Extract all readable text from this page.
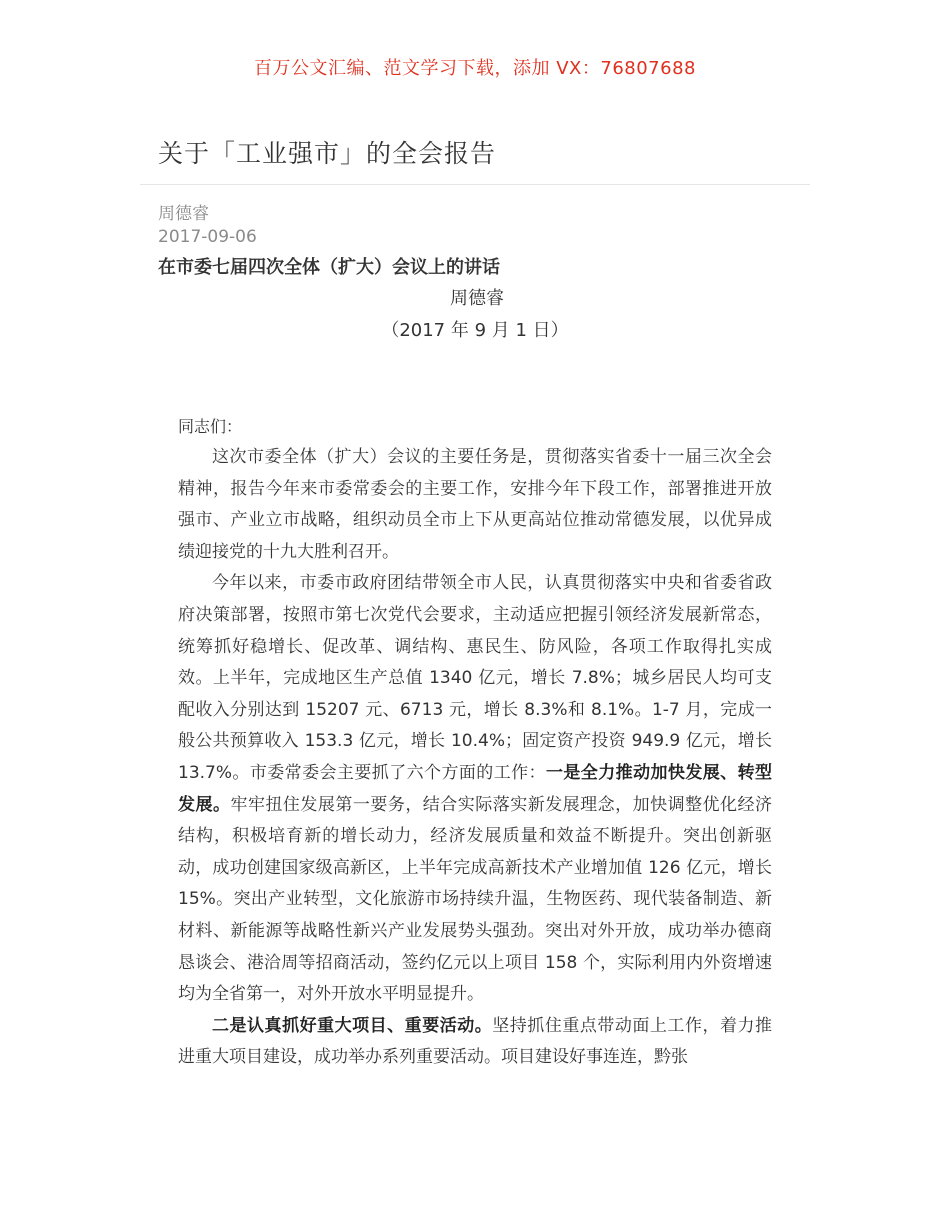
百万公文汇编、范文学习下载，添加 VX：76807688
关于「工业强市」的全会报告
周德睿
2017-09-06
在市委七届四次全体（扩大）会议上的讲话
周德睿
（2017 年 9 月 1 日）
同志们：

这次市委全体（扩大）会议的主要任务是，贯彻落实省委十一届三次全会精神，报告今年来市委常委会的主要工作，安排今年下段工作，部署推进开放强市、产业立市战略，组织动员全市上下从更高站位推动常德发展，以优异成绩迎接党的十九大胜利召开。

今年以来，市委市政府团结带领全市人民，认真贯彻落实中央和省委省政府决策部署，按照市第七次党代会要求，主动适应把握引领经济发展新常态，统筹抓好稳增长、促改革、调结构、惠民生、防风险，各项工作取得扎实成效。上半年，完成地区生产总值 1340 亿元，增长 7.8%；城乡居民人均可支配收入分别达到 15207 元、6713 元，增长 8.3%和 8.1%。1-7 月，完成一般公共预算收入 153.3 亿元，增长 10.4%；固定资产投资 949.9 亿元，增长 13.7%。市委常委会主要抓了六个方面的工作：一是全力推动加快发展、转型发展。牢牢扭住发展第一要务，结合实际落实新发展理念，加快调整优化经济结构，积极培育新的增长动力，经济发展质量和效益不断提升。突出创新驱动，成功创建国家级高新区，上半年完成高新技术产业增加值 126 亿元，增长 15%。突出产业转型，文化旅游市场持续升温，生物医药、现代装备制造、新材料、新能源等战略性新兴产业发展势头强劲。突出对外开放，成功举办德商恳谈会、港洽周等招商活动，签约亿元以上项目 158 个，实际利用内外资增速均为全省第一，对外开放水平明显提升。

二是认真抓好重大项目、重要活动。坚持抓住重点带动面上工作，着力推进重大项目建设，成功举办系列重要活动。项目建设好事连连，黔张
